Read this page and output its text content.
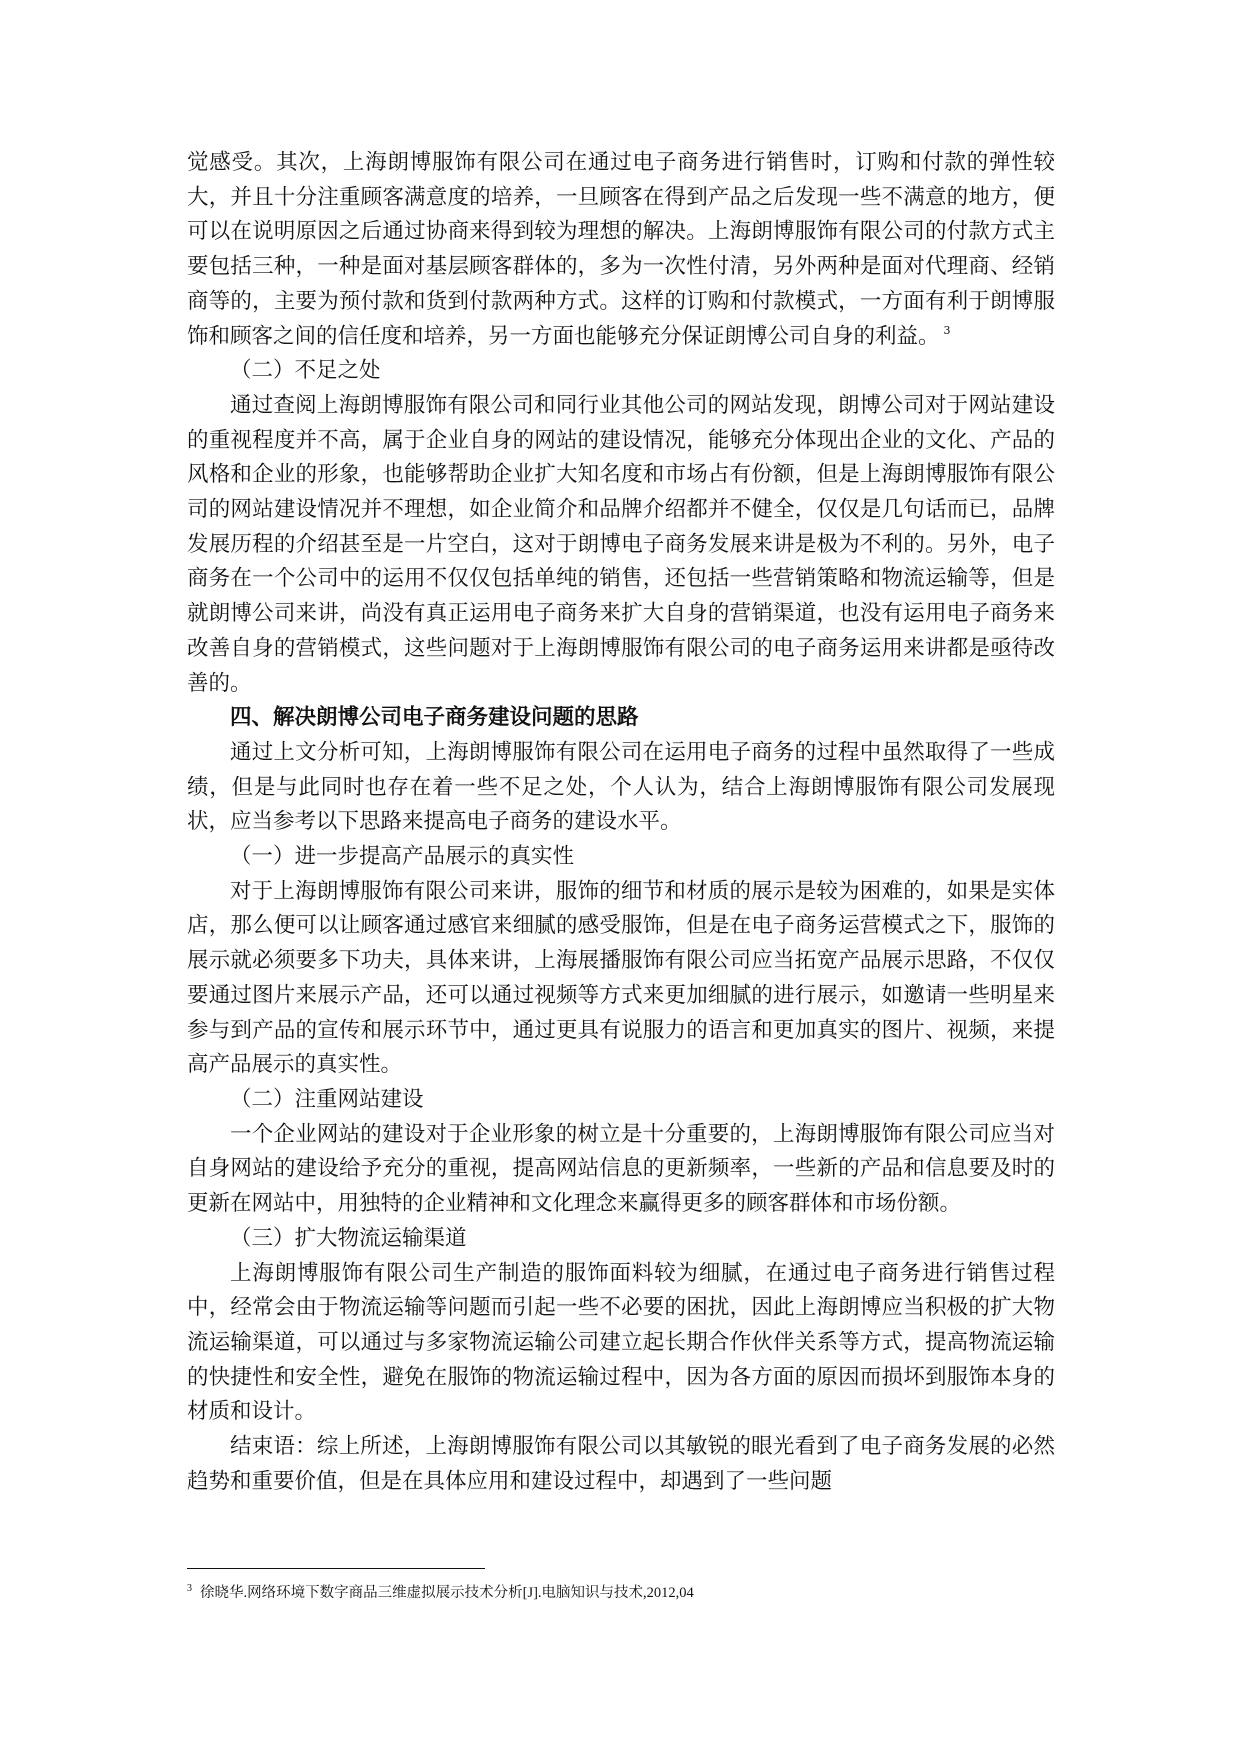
觉感受。其次，上海朗博服饰有限公司在通过电子商务进行销售时，订购和付款的弹性较大，并且十分注重顾客满意度的培养，一旦顾客在得到产品之后发现一些不满意的地方，便可以在说明原因之后通过协商来得到较为理想的解决。上海朗博服饰有限公司的付款方式主要包括三种，一种是面对基层顾客群体的，多为一次性付清，另外两种是面对代理商、经销商等的，主要为预付款和货到付款两种方式。这样的订购和付款模式，一方面有利于朗博服饰和顾客之间的信任度和培养，另一方面也能够充分保证朗博公司自身的利益。 $^3$

（二）不足之处

通过查阅上海朗博服饰有限公司和同行业其他公司的网站发现，朗博公司对于网站建设的重视程度并不高，属于企业自身的网站的建设情况，能够充分体现出企业的文化、产品的风格和企业的形象，也能够帮助企业扩大知名度和市场占有份额，但是上海朗博服饰有限公司的网站建设情况并不理想，如企业简介和品牌介绍都并不健全，仅仅是几句话而已，品牌发展历程的介绍甚至是一片空白，这对于朗博电子商务发展来讲是极为不利的。另外，电子商务在一个公司中的运用不仅仅包括单纯的销售，还包括一些营销策略和物流运输等，但是就朗博公司来讲，尚没有真正运用电子商务来扩大自身的营销渠道，也没有运用电子商务来改善自身的营销模式，这些问题对于上海朗博服饰有限公司的电子商务运用来讲都是亟待改善的。

四、解决朗博公司电子商务建设问题的思路

通过上文分析可知，上海朗博服饰有限公司在运用电子商务的过程中虽然取得了一些成绩，但是与此同时也存在着一些不足之处，个人认为，结合上海朗博服饰有限公司发展现状，应当参考以下思路来提高电子商务的建设水平。

（一）进一步提高产品展示的真实性

对于上海朗博服饰有限公司来讲，服饰的细节和材质的展示是较为困难的，如果是实体店，那么便可以让顾客通过感官来细腻的感受服饰，但是在电子商务运营模式之下，服饰的展示就必须要多下功夫，具体来讲，上海展播服饰有限公司应当拓宽产品展示思路，不仅仅要通过图片来展示产品，还可以通过视频等方式来更加细腻的进行展示，如邀请一些明星来参与到产品的宣传和展示环节中，通过更具有说服力的语言和更加真实的图片、视频，来提高产品展示的真实性。

（二）注重网站建设

一个企业网站的建设对于企业形象的树立是十分重要的，上海朗博服饰有限公司应当对自身网站的建设给予充分的重视，提高网站信息的更新频率，一些新的产品和信息要及时的更新在网站中，用独特的企业精神和文化理念来赢得更多的顾客群体和市场份额。

（三）扩大物流运输渠道

上海朗博服饰有限公司生产制造的服饰面料较为细腻，在通过电子商务进行销售过程中，经常会由于物流运输等问题而引起一些不必要的困扰，因此上海朗博应当积极的扩大物流运输渠道，可以通过与多家物流运输公司建立起长期合作伙伴关系等方式，提高物流运输的快捷性和安全性，避免在服饰的物流运输过程中，因为各方面的原因而损坏到服饰本身的材质和设计。

结束语：综上所述，上海朗博服饰有限公司以其敏锐的眼光看到了电子商务发展的必然趋势和重要价值，但是在具体应用和建设过程中，却遇到了一些问题

$^3$ 徐晓华.网络环境下数字商品三维虚拟展示技术分析[J].电脑知识与技术,2012,04
